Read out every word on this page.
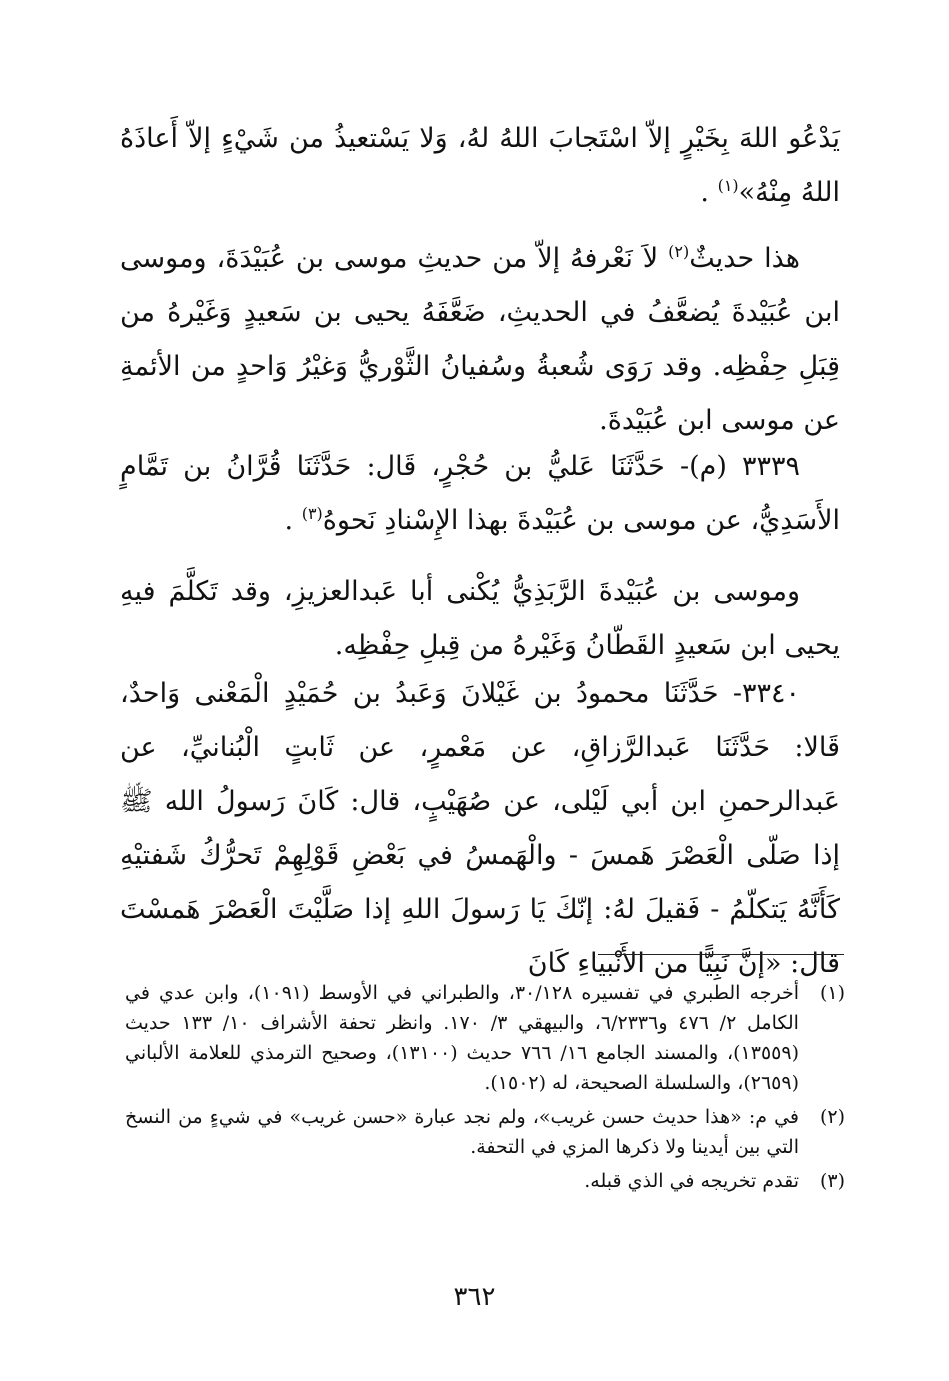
يَدْعُو اللهَ بِخَيْرٍ إلاّ اسْتَجابَ اللهُ لهُ، وَلا يَسْتعيذُ من شَيْءٍ إلاّ أَعاذَهُ اللهُ مِنْهُ»$^{(١)}$ .

هذا حديثٌ$^{(٢)}$ لاَ نَعْرفهُ إلاّ من حديثِ موسى بن عُبَيْدَةَ، وموسى ابن عُبَيْدةَ يُضعَّفُ في الحديثِ، ضَعَّفَهُ يحيى بن سَعيدٍ وَغَيْرهُ من قِبَلِ حِفْظِه. وقد رَوَى شُعبةُ وسُفيانُ الثَّوْريُّ وَغيْرُ وَاحدٍ من الأئمةِ عن موسى ابن عُبَيْدةَ.

٣٣٣٩ (م)- حَدَّثَنَا عَليُّ بن حُجْرٍ، قَال: حَدَّثَنَا قُرَّانُ بن تَمَّامٍ الأَسَدِيُّ، عن موسى بن عُبَيْدةَ بهذا الإِسْنادِ نَحوهُ$^{(٣)}$ .

وموسى بن عُبَيْدةَ الرَّبَذِيُّ يُكْنى أبا عَبدالعزيزِ، وقد تَكلَّمَ فيهِ يحيى ابن سَعيدٍ القَطّانُ وَغَيْرهُ من قِبلِ حِفْظِه.

٣٣٤٠- حَدَّثَنَا محمودُ بن غَيْلانَ وَعَبدُ بن حُمَيْدٍ الْمَعْنى وَاحدٌ، قَالا: حَدَّثَنَا عَبدالرَّزاقِ، عن مَعْمرٍ، عن ثَابتٍ الْبُنانيِّ، عن عَبدالرحمنِ ابن أبي لَيْلى، عن صُهَيْبٍ، قال: كَانَ رَسولُ الله ﷺ إذا صَلّى الْعَصْرَ هَمسَ - والْهَمسُ في بَعْضِ قَوْلِهِمْ تَحرُّكُ شَفتيْهِ كَأَنَّهُ يَتكلّمُ - فَقيلَ لهُ: إنّكَ يَا رَسولَ اللهِ إذا صَلَّيْتَ الْعَصْرَ هَمسْتَ قال: «إنَّ نَبِيًّا من الأَنْبياءِ كَانَ

(١)
أخرجه الطبري في تفسيره ٣٠/١٢٨، والطبراني في الأوسط (١٠٩١)، وابن عدي في الكامل ٢/ ٤٧٦ و٦/٢٣٣٦، والبيهقي ٣/ ١٧٠. وانظر تحفة الأشراف ١٠/ ١٣٣ حديث (١٣٥٥٩)، والمسند الجامع ١٦/ ٧٦٦ حديث (١٣١٠٠)، وصحيح الترمذي للعلامة الألباني (٢٦٥٩)، والسلسلة الصحيحة، له (١٥٠٢).
(٢)
في م: «هذا حديث حسن غريب»، ولم نجد عبارة «حسن غريب» في شيءٍ من النسخ التي بين أيدينا ولا ذكرها المزي في التحفة.
(٣)
تقدم تخريجه في الذي قبله.
٣٦٢
